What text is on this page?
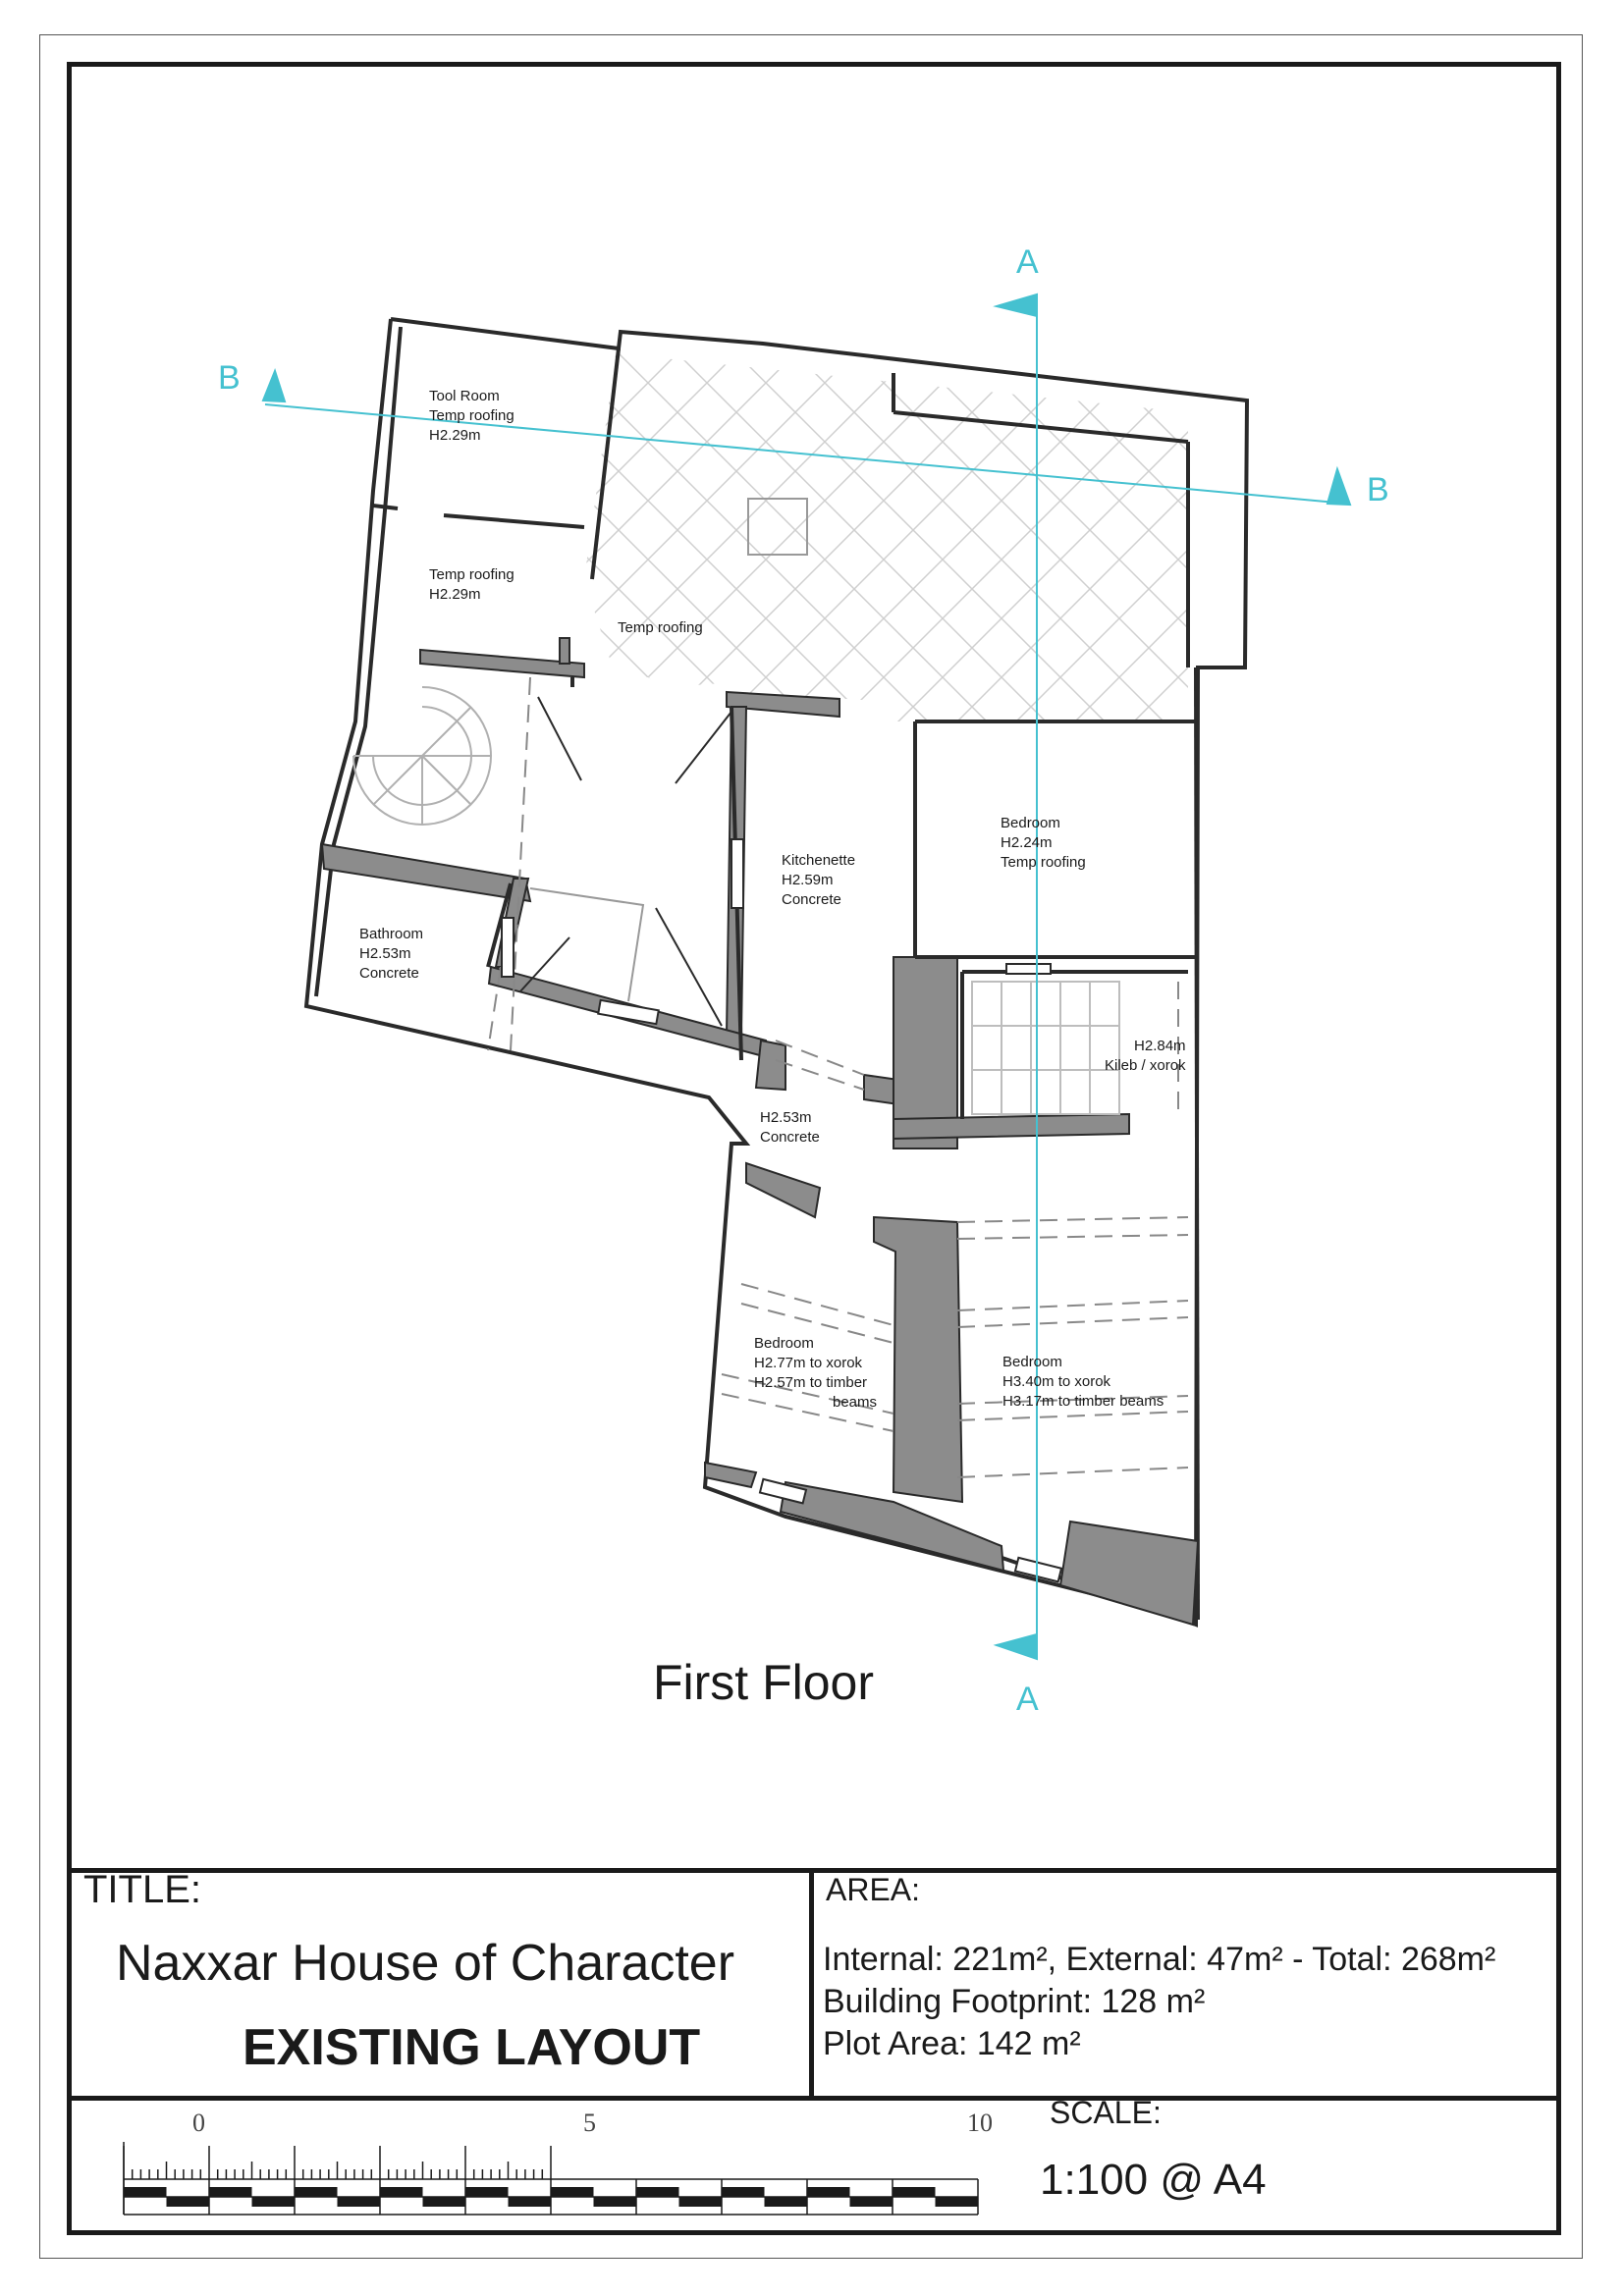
A
A
B
B
Tool Room
Temp roofing
H2.29m
Temp roofing
H2.29m
Temp roofing
Bedroom
H2.24m
Temp roofing
Kitchenette
H2.59m
Concrete
Bathroom
H2.53m
Concrete
H2.84m
Kileb / xorok
H2.53m
Concrete
Bedroom
H2.77m to xorok
H2.57m to timber
beams
Bedroom
H3.40m to xorok
H3.17m to timber beams
First Floor
TITLE:
Naxxar House of Character
EXISTING LAYOUT
AREA:
Internal: 221m², External: 47m² - Total: 268m²
Building Footprint: 128 m²
Plot Area: 142 m²
SCALE:
1:100 @ A4
0	5	10
